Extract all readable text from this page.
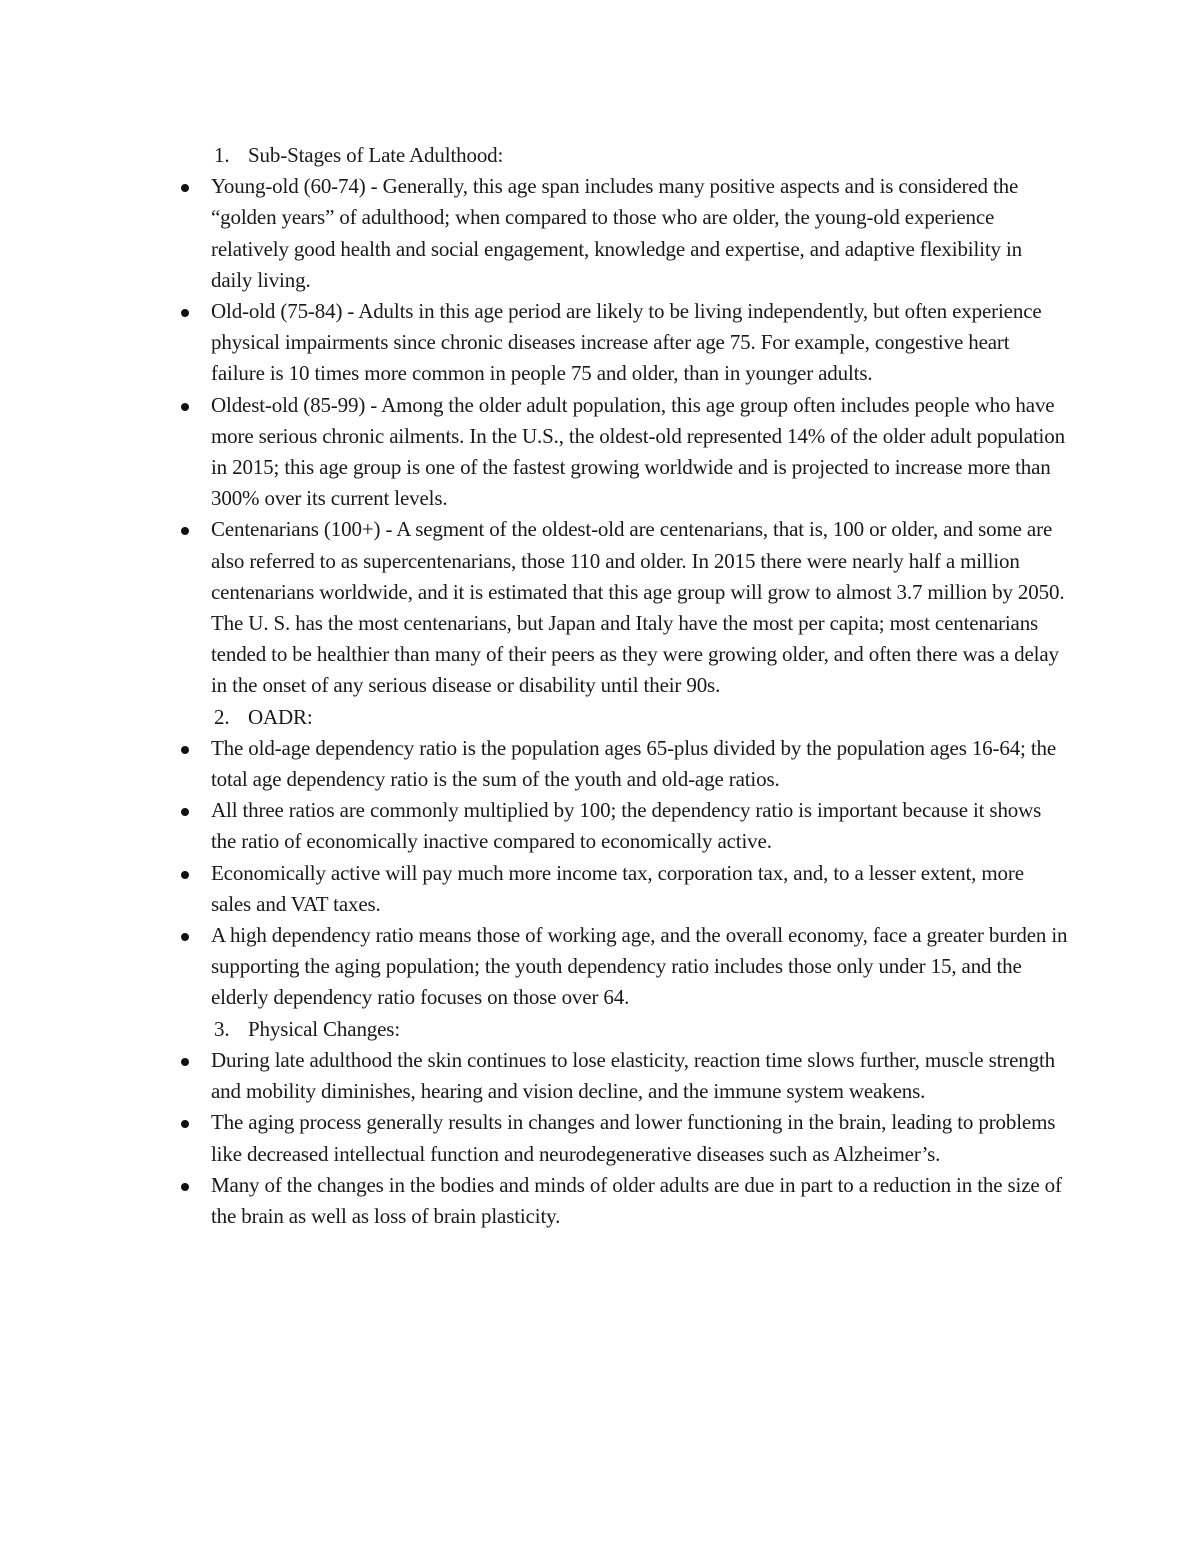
1. Sub-Stages of Late Adulthood:

Young-old (60-74) - Generally, this age span includes many positive aspects and is considered the “golden years” of adulthood; when compared to those who are older, the young-old experience relatively good health and social engagement, knowledge and expertise, and adaptive flexibility in daily living.
Old-old (75-84) - Adults in this age period are likely to be living independently, but often experience physical impairments since chronic diseases increase after age 75. For example, congestive heart failure is 10 times more common in people 75 and older, than in younger adults.
Oldest-old (85-99) - Among the older adult population, this age group often includes people who have more serious chronic ailments. In the U.S., the oldest-old represented 14% of the older adult population in 2015; this age group is one of the fastest growing worldwide and is projected to increase more than 300% over its current levels.
Centenarians (100+) - A segment of the oldest-old are centenarians, that is, 100 or older, and some are also referred to as supercentenarians, those 110 and older. In 2015 there were nearly half a million centenarians worldwide, and it is estimated that this age group will grow to almost 3.7 million by 2050. The U. S. has the most centenarians, but Japan and Italy have the most per capita; most centenarians tended to be healthier than many of their peers as they were growing older, and often there was a delay in the onset of any serious disease or disability until their 90s.

2. OADR:

The old-age dependency ratio is the population ages 65-plus divided by the population ages 16-64; the total age dependency ratio is the sum of the youth and old-age ratios.
All three ratios are commonly multiplied by 100; the dependency ratio is important because it shows the ratio of economically inactive compared to economically active.
Economically active will pay much more income tax, corporation tax, and, to a lesser extent, more sales and VAT taxes.
A high dependency ratio means those of working age, and the overall economy, face a greater burden in supporting the aging population; the youth dependency ratio includes those only under 15, and the elderly dependency ratio focuses on those over 64.

3. Physical Changes:

During late adulthood the skin continues to lose elasticity, reaction time slows further, muscle strength and mobility diminishes, hearing and vision decline, and the immune system weakens.
The aging process generally results in changes and lower functioning in the brain, leading to problems like decreased intellectual function and neurodegenerative diseases such as Alzheimer’s.
Many of the changes in the bodies and minds of older adults are due in part to a reduction in the size of the brain as well as loss of brain plasticity.
